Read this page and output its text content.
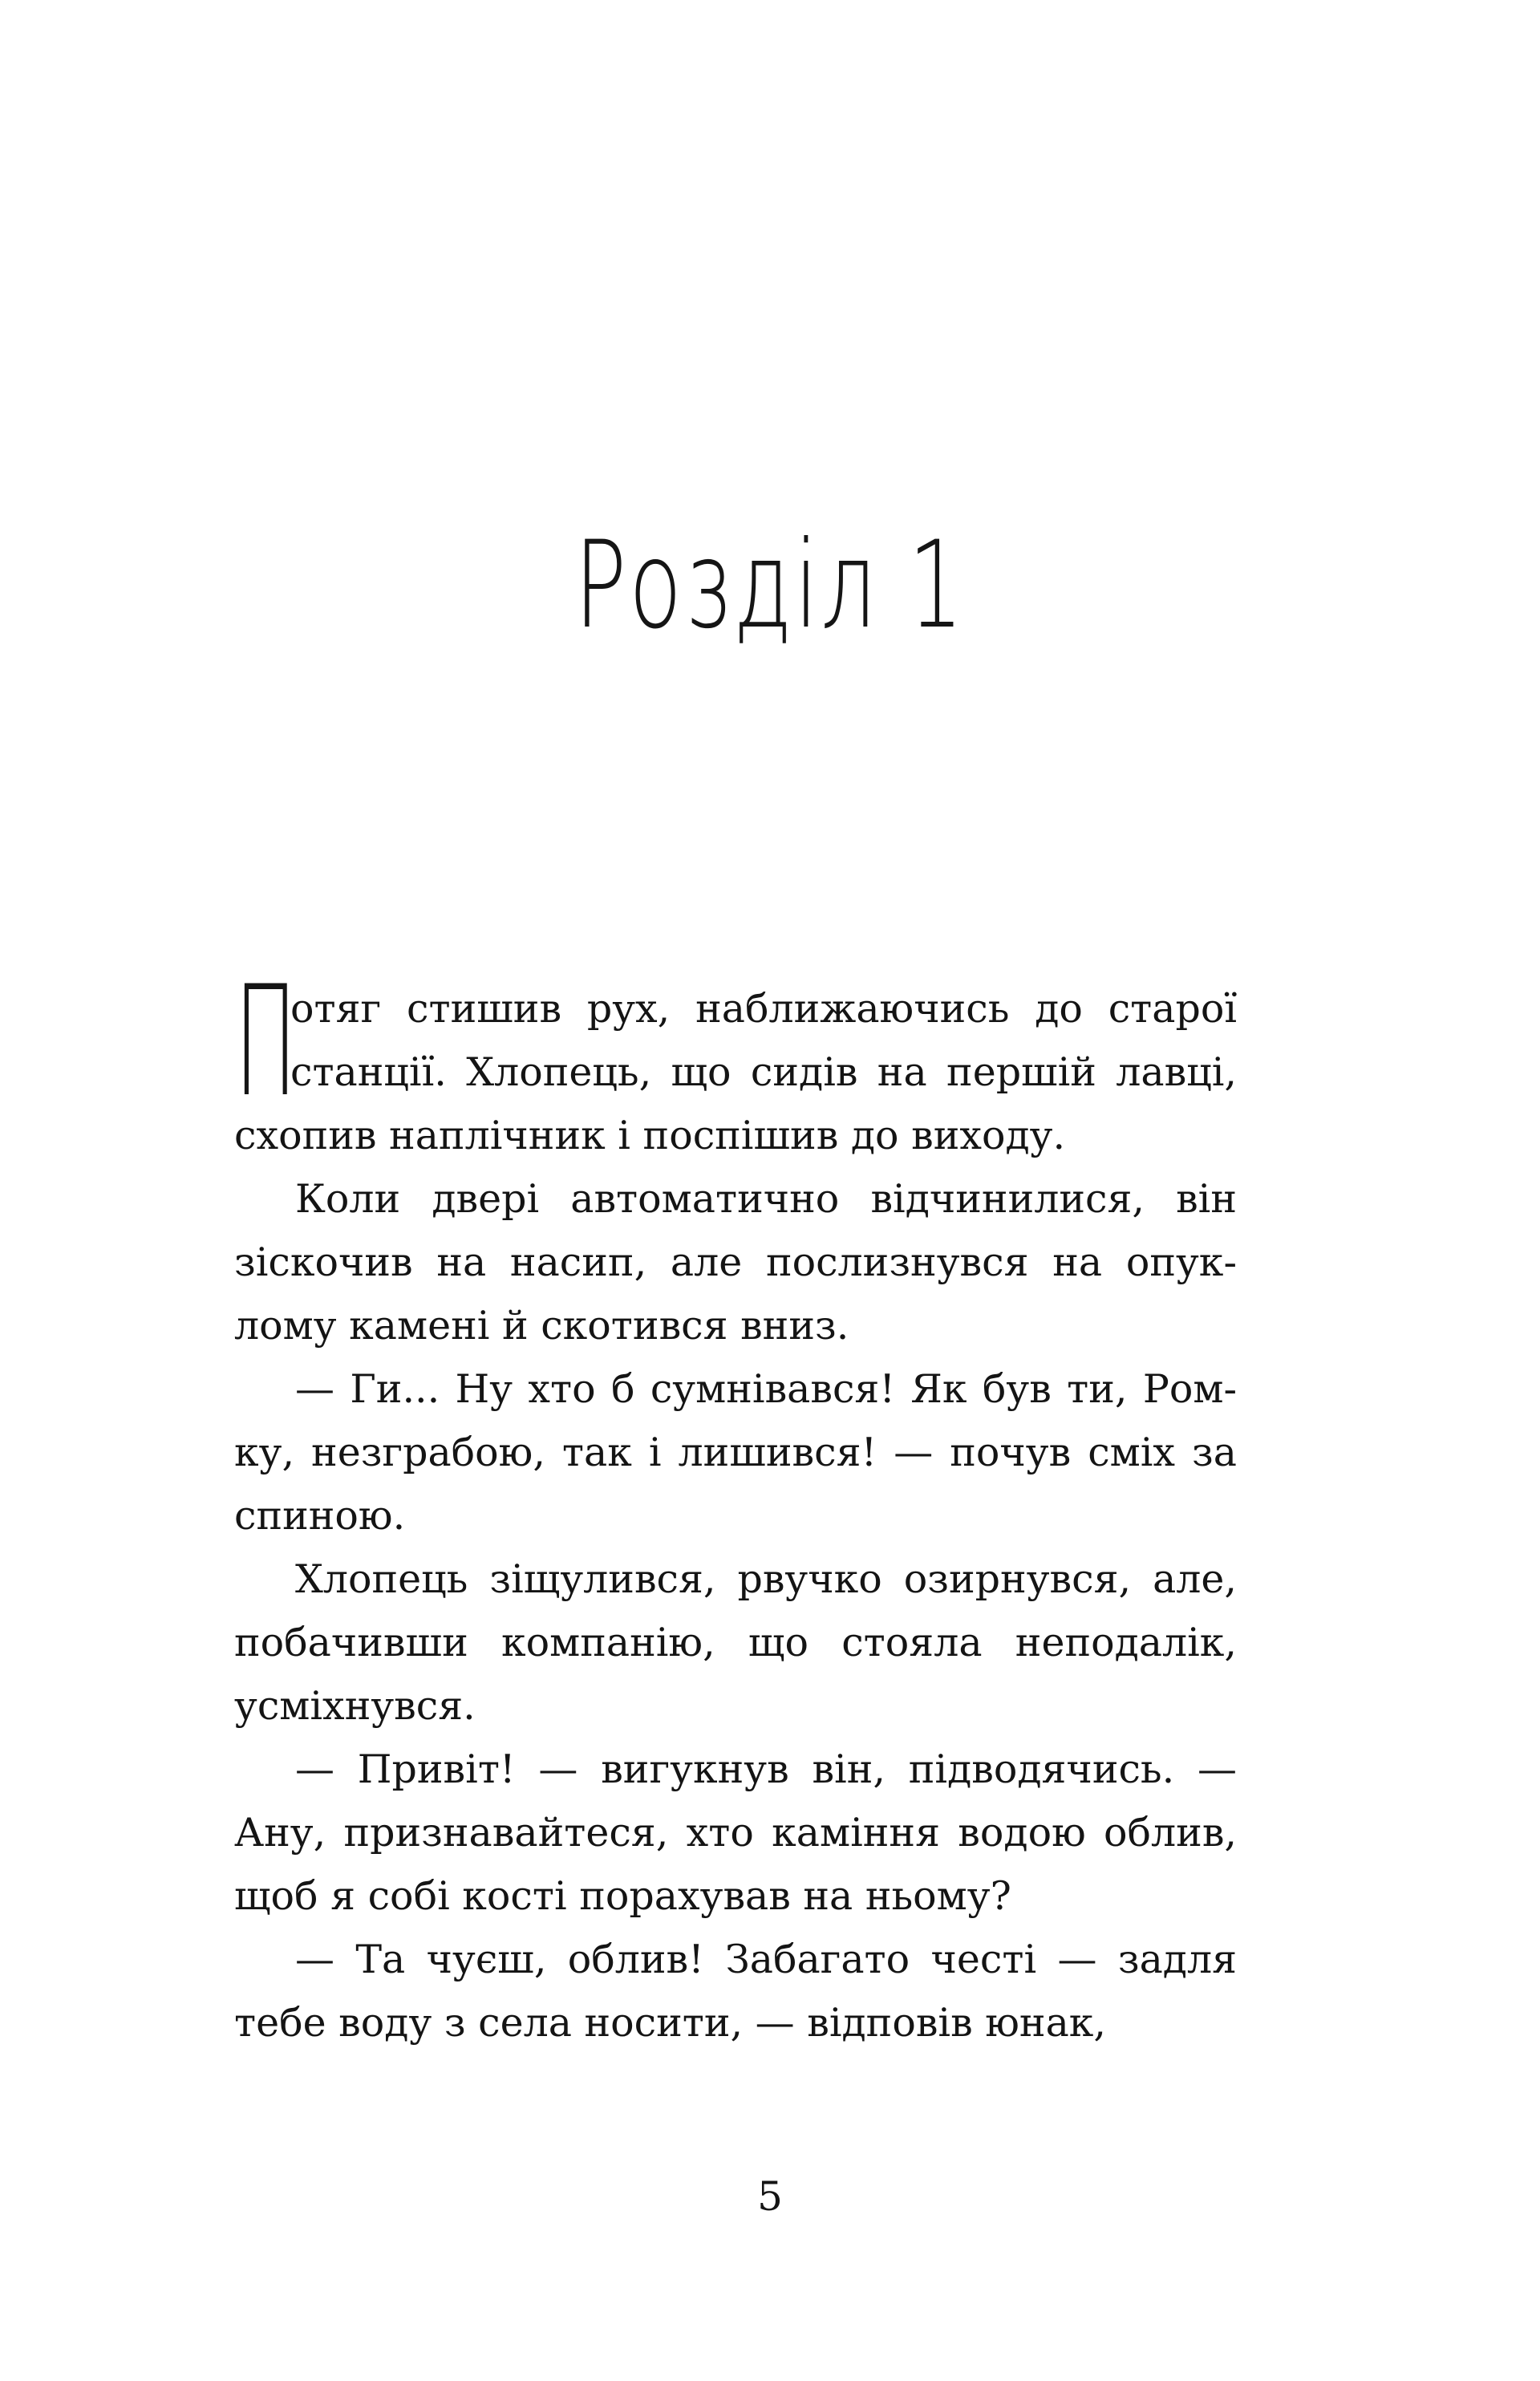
Розділ 1

П
отяг стишив рух, наближаючись до старої станції. Хлопець, що сидів на першій лавці, схопив наплічник і поспішив до виходу.

Коли двері автоматично відчинилися, він зіскочив на насип, але послизнувся на опуклому камені й скотився вниз.

— Ги... Ну хто б сумнівався! Як був ти, Ромку, незграбою, так і лишився! — почув сміх за спиною.

Хлопець зіщулився, рвучко озирнувся, але, побачивши компанію, що стояла неподалік, усміхнувся.

— Привіт! — вигукнув він, підводячись. — Ану, признавайтеся, хто каміння водою облив, щоб я собі кості порахував на ньому?

— Та чуєш, облив! Забагато честі — задля тебе воду з села носити, — відповів юнак,

5
